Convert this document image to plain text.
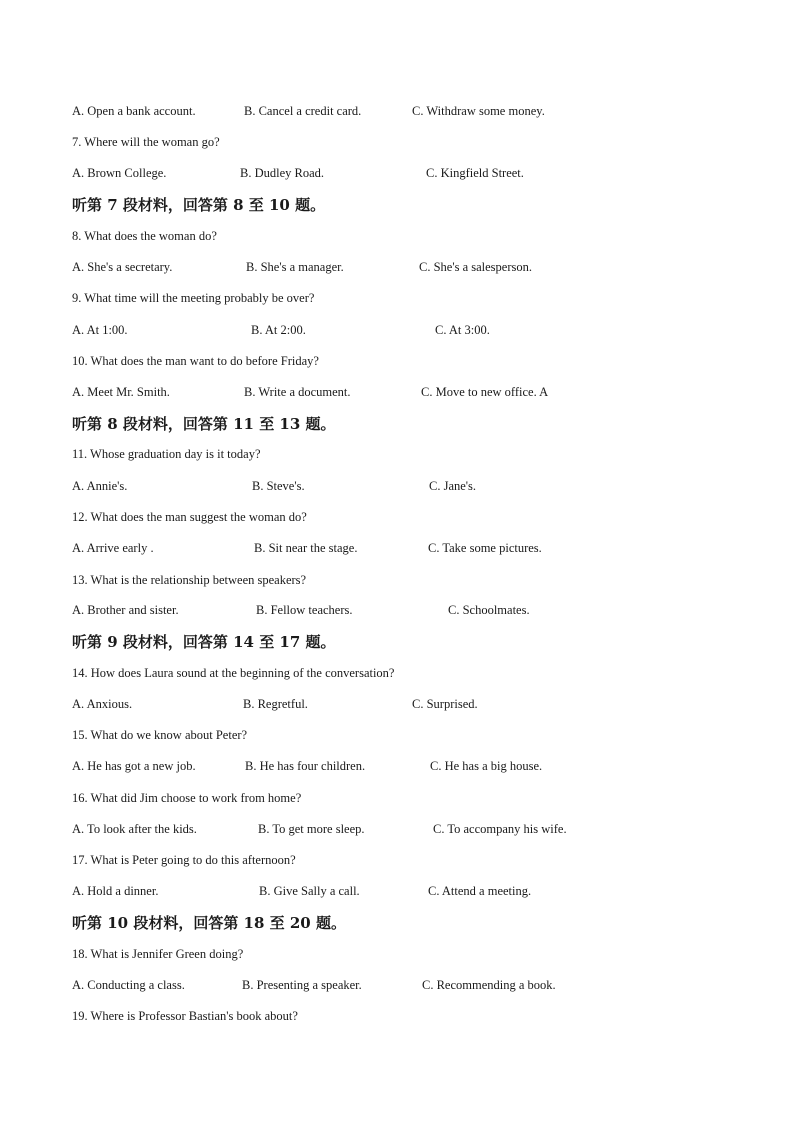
A. Open a bank account.	B. Cancel a credit card.	C. Withdraw some money.
7. Where will the woman go?
A. Brown College.	B. Dudley Road.	C. Kingfield Street.
听第 7 段材料，回答第 8 至 10 题。
8. What does the woman do?
A. She's a secretary.	B. She's a manager.	C. She's a salesperson.
9. What time will the meeting probably be over?
A. At 1:00.	B. At 2:00.	C. At 3:00.
10. What does the man want to do before Friday?
A. Meet Mr. Smith.	B. Write a document.	C. Move to new office. A
听第 8 段材料，回答第 11 至 13 题。
11. Whose graduation day is it today?
A. Annie's.	B. Steve's.	C. Jane's.
12. What does the man suggest the woman do?
A. Arrive early .	B. Sit near the stage.	C. Take some pictures.
13. What is the relationship between speakers?
A. Brother and sister.	B. Fellow teachers.	C. Schoolmates.
听第 9 段材料，回答第 14 至 17 题。
14. How does Laura sound at the beginning of the conversation?
A. Anxious.	B. Regretful.	C. Surprised.
15. What do we know about Peter?
A. He has got a new job.	B. He has four children.	C. He has a big house.
16. What did Jim choose to work from home?
A. To look after the kids.	B. To get more sleep.	C. To accompany his wife.
17. What is Peter going to do this afternoon?
A. Hold a dinner.	B. Give Sally a call.	C. Attend a meeting.
听第 10 段材料，回答第 18 至 20 题。
18. What is Jennifer Green doing?
A. Conducting a class.	B. Presenting a speaker.	C. Recommending a book.
19. Where is Professor Bastian's book about?
